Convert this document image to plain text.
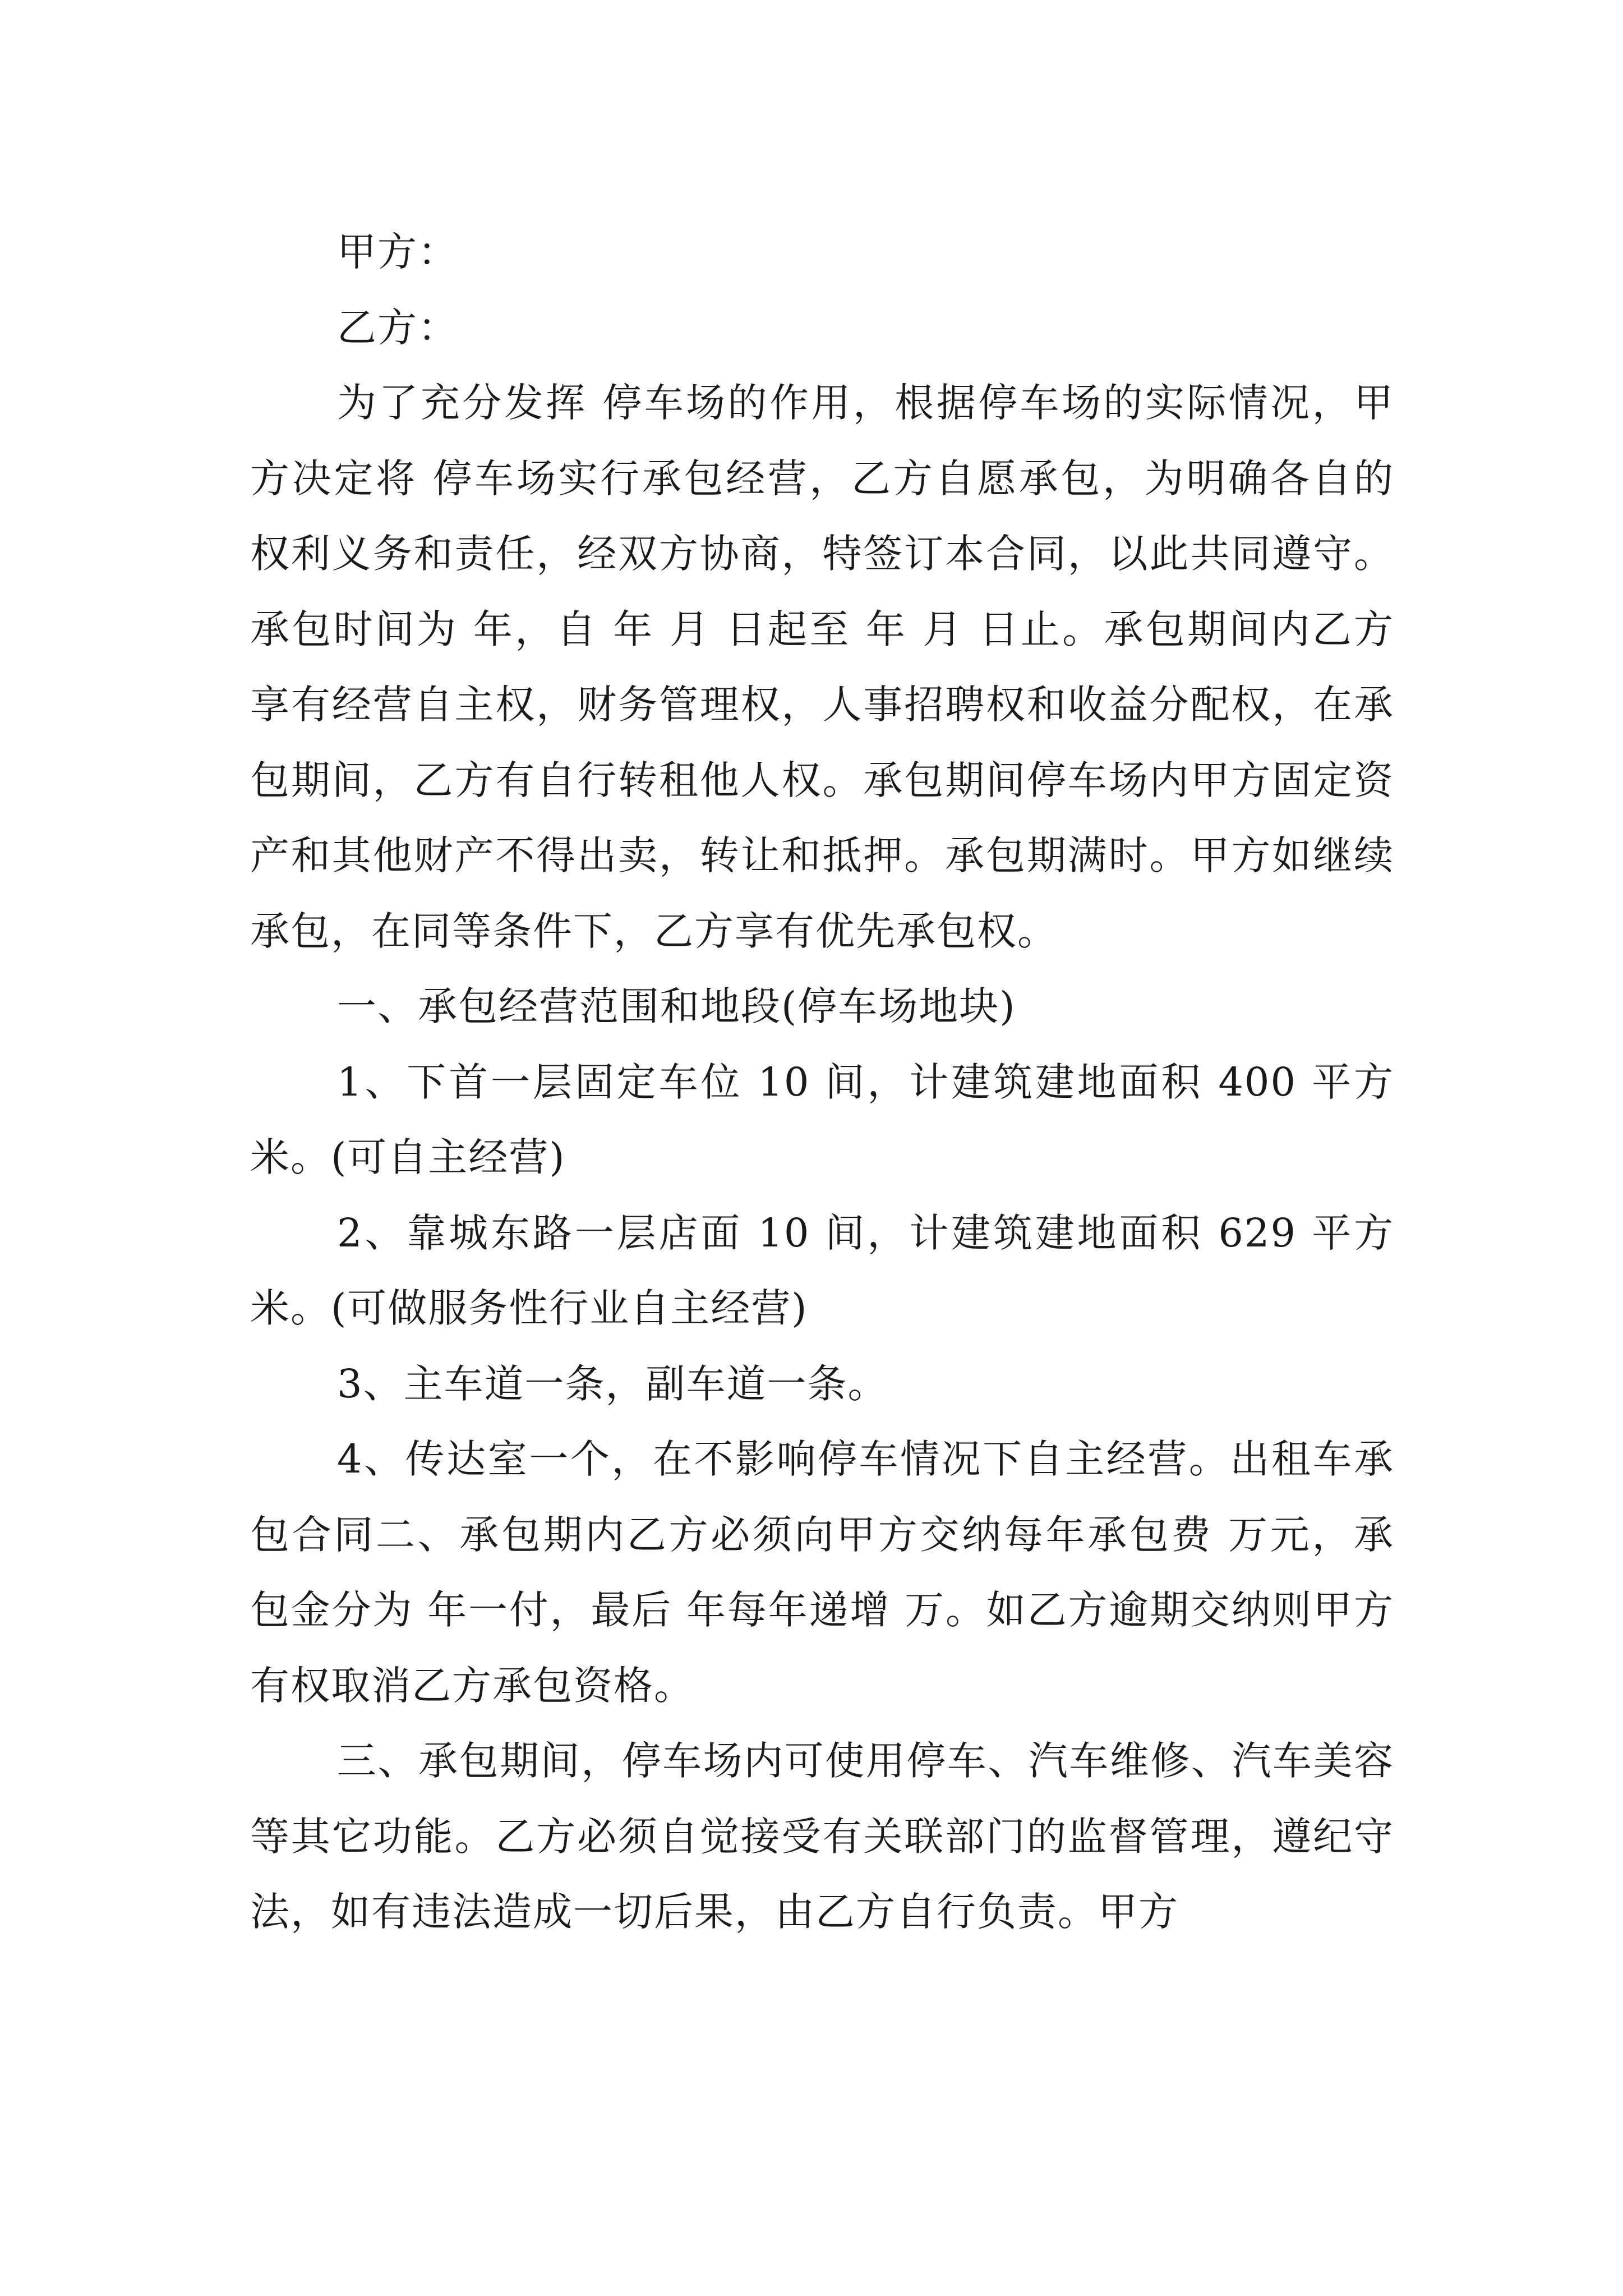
甲方：

乙方：

为了充分发挥 停车场的作用，根据停车场的实际情况，甲方决定将 停车场实行承包经营，乙方自愿承包，为明确各自的权利义务和责任，经双方协商，特签订本合同，以此共同遵守。承包时间为 年，自 年 月 日起至 年 月 日止。承包期间内乙方享有经营自主权，财务管理权，人事招聘权和收益分配权，在承包期间，乙方有自行转租他人权。承包期间停车场内甲方固定资产和其他财产不得出卖，转让和抵押。承包期满时。甲方如继续承包，在同等条件下，乙方享有优先承包权。

一、承包经营范围和地段(停车场地块)

1、下首一层固定车位 10 间，计建筑建地面积 400 平方米。(可自主经营)

2、靠城东路一层店面 10 间，计建筑建地面积 629 平方米。(可做服务性行业自主经营)

3、主车道一条，副车道一条。

4、传达室一个，在不影响停车情况下自主经营。出租车承包合同二、承包期内乙方必须向甲方交纳每年承包费 万元，承包金分为 年一付，最后 年每年递增 万。如乙方逾期交纳则甲方有权取消乙方承包资格。

三、承包期间，停车场内可使用停车、汽车维修、汽车美容等其它功能。乙方必须自觉接受有关联部门的监督管理，遵纪守法，如有违法造成一切后果，由乙方自行负责。甲方
